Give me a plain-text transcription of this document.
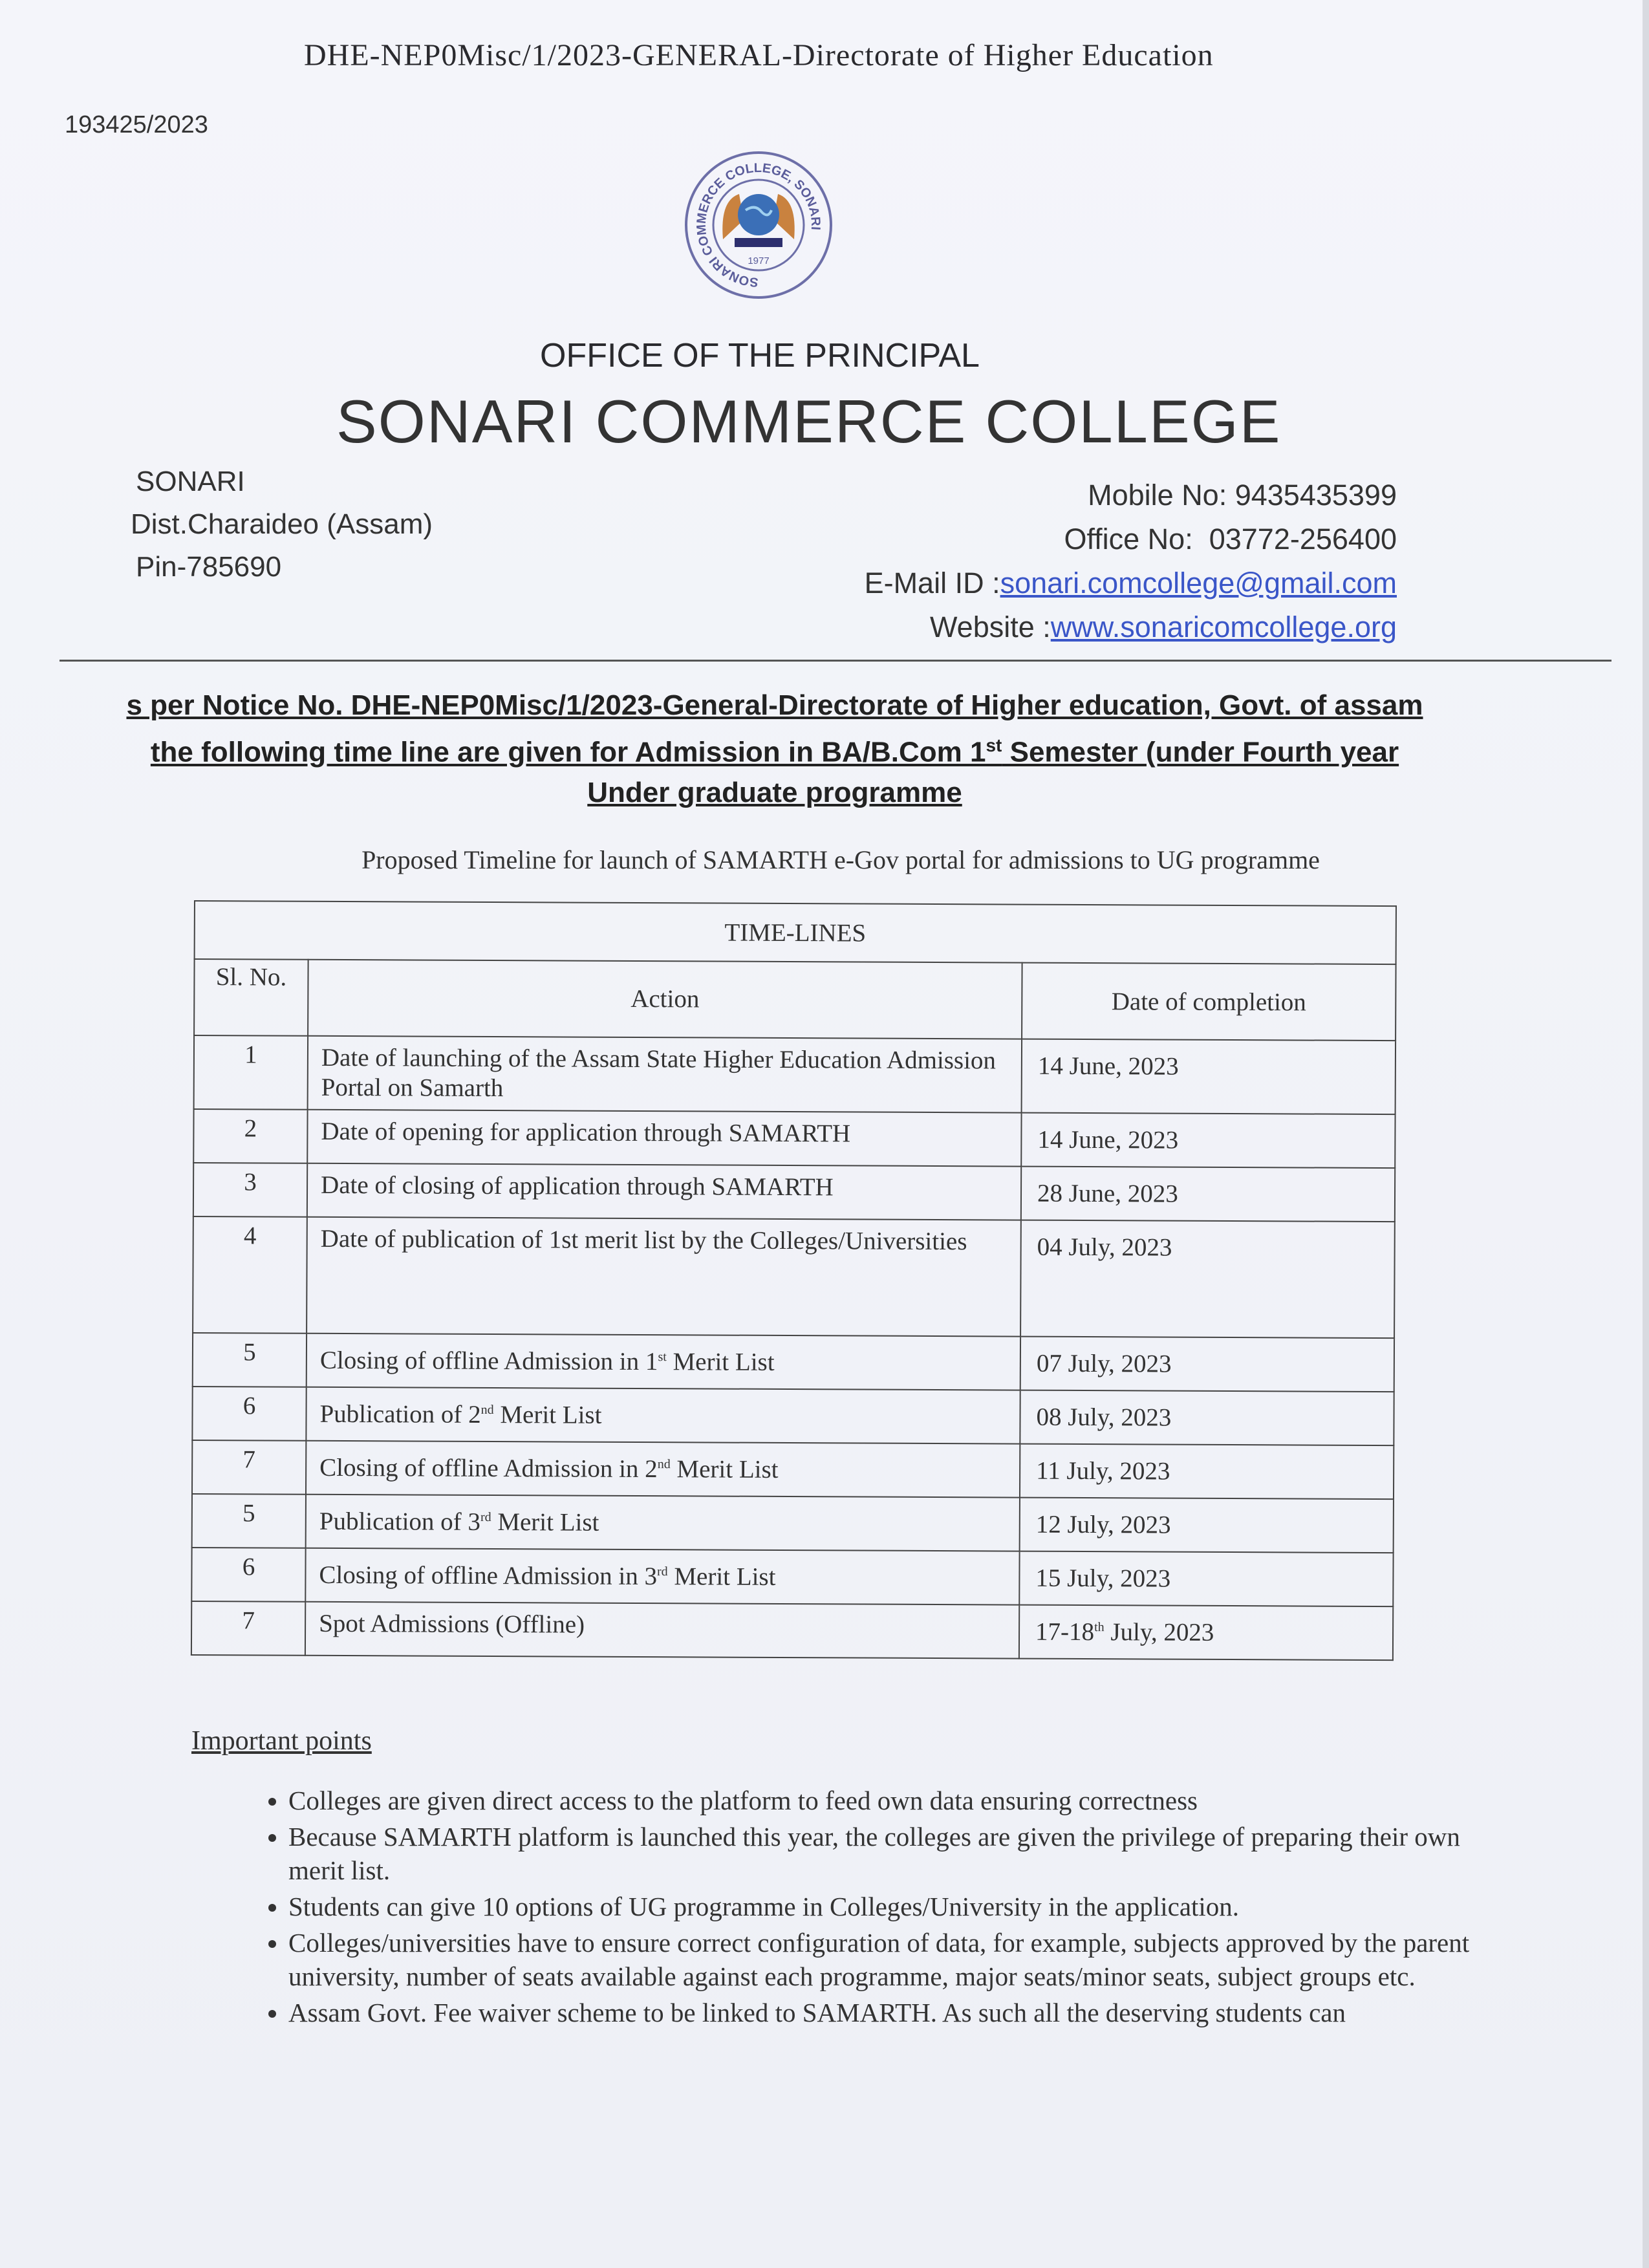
DHE-NEP0Misc/1/2023-GENERAL-Directorate of Higher Education
193425/2023
SONARI COMMERCE COLLEGE, SONARI
1977
OFFICE OF THE PRINCIPAL
SONARI COMMERCE COLLEGE
SONARI
Dist.Charaideo (Assam)
Pin-785690
Mobile No: 9435435399
Office No:  03772-256400
E-Mail ID :sonari.comcollege@gmail.com
Website :www.sonaricomcollege.org
s per Notice No. DHE-NEP0Misc/1/2023-General-Directorate of Higher education, Govt. of assam
the following time line are given for Admission in BA/B.Com 1st Semester (under Fourth year
Under graduate programme
Proposed Timeline for launch of SAMARTH e-Gov portal for admissions to UG programme
TIME-LINES		
Sl. No.	Action	Date of completion
1	Date of launching of the Assam State Higher Education Admission Portal on Samarth	14 June, 2023
2	Date of opening for application through SAMARTH	14 June, 2023
3	Date of closing of application through SAMARTH	28 June, 2023
4	Date of publication of 1st merit list by the Colleges/Universities	04 July, 2023
5	Closing of offline Admission in 1st Merit List	07 July, 2023
6	Publication of 2nd Merit List	08 July, 2023
7	Closing of offline Admission in 2nd Merit List	11 July, 2023
5	Publication of 3rd Merit List	12 July, 2023
6	Closing of offline Admission in 3rd Merit List	15 July, 2023
7	Spot Admissions (Offline)	17-18th July, 2023
Important points
• Colleges are given direct access to the platform to feed own data ensuring correctness
• Because SAMARTH platform is launched this year, the colleges are given the privilege of preparing their own merit list.
• Students can give 10 options of UG programme in Colleges/University in the application.
• Colleges/universities have to ensure correct configuration of data, for example, subjects approved by the parent university, number of seats available against each programme, major seats/minor seats, subject groups etc.
• Assam Govt. Fee waiver scheme to be linked to SAMARTH. As such all the deserving students can
